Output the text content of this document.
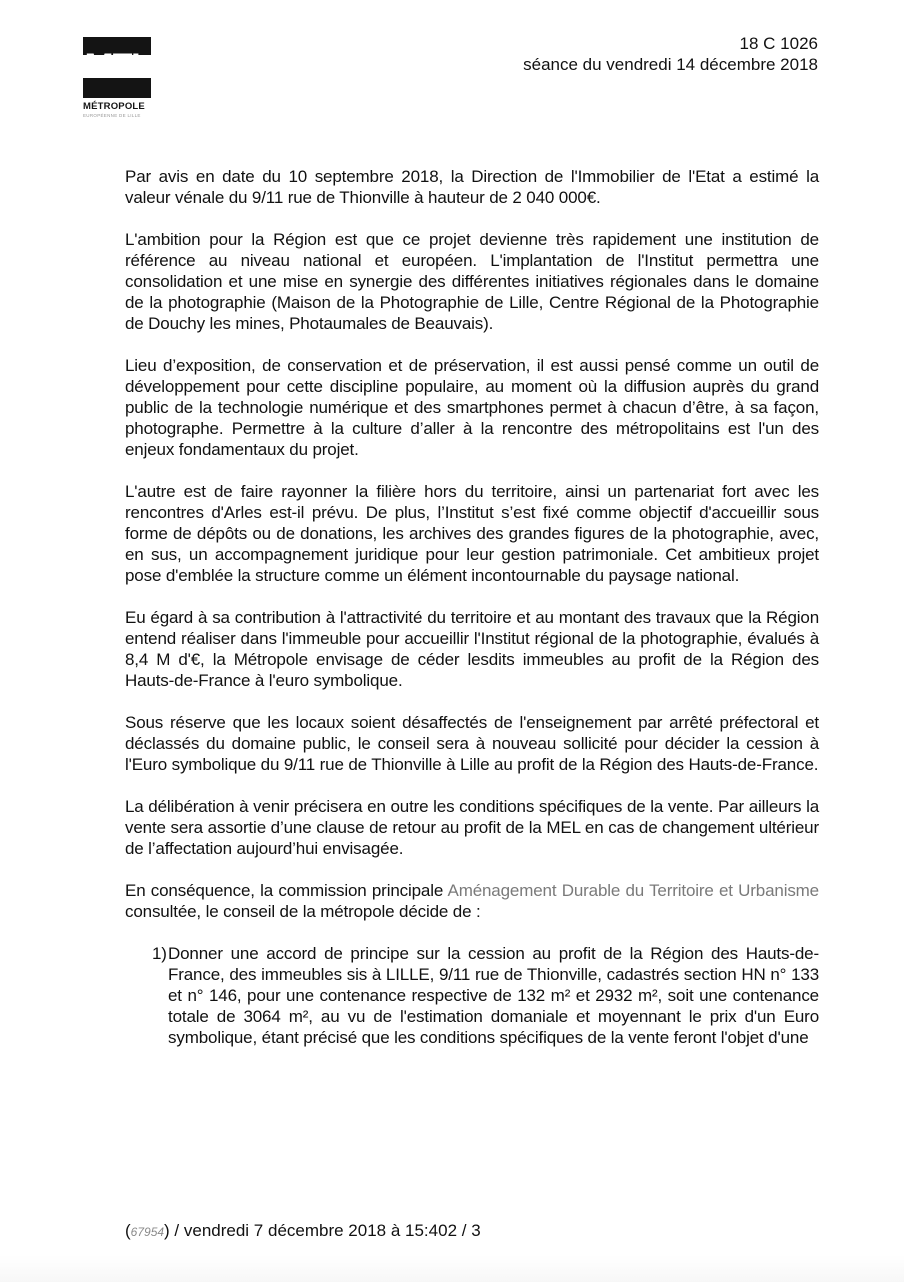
MEL
MÉTROPOLE
EUROPÉENNE DE LILLE
18 C 1026
séance du vendredi 14 décembre 2018

Par avis en date du 10 septembre 2018, la Direction de l'Immobilier de l'Etat a estimé la valeur vénale du 9/11 rue de Thionville à hauteur de 2 040 000€.

L'ambition pour la Région est que ce projet devienne très rapidement une institution de référence au niveau national et européen. L'implantation de l'Institut permettra une consolidation et une mise en synergie des différentes initiatives régionales dans le domaine de la photographie (Maison de la Photographie de Lille, Centre Régional de la Photographie de Douchy les mines, Photaumales de Beauvais).

Lieu d’exposition, de conservation et de préservation, il est aussi pensé comme un outil de développement pour cette discipline populaire, au moment où la diffusion auprès du grand public de la technologie numérique et des smartphones permet à chacun d’être, à sa façon, photographe. Permettre à la culture d’aller à la rencontre des métropolitains est l'un des enjeux fondamentaux du projet.

L'autre est de faire rayonner la filière hors du territoire, ainsi un partenariat fort avec les rencontres d'Arles est-il prévu. De plus, l’Institut s’est fixé comme objectif d'accueillir sous forme de dépôts ou de donations, les archives des grandes figures de la photographie, avec, en sus, un accompagnement juridique pour leur gestion patrimoniale. Cet ambitieux projet pose d'emblée la structure comme un élément incontournable du paysage national.

Eu égard à sa contribution à l'attractivité du territoire et au montant des travaux que la Région entend réaliser dans l'immeuble pour accueillir l'Institut régional de la photographie, évalués à 8,4 M d'€, la Métropole envisage de céder lesdits immeubles au profit de la Région des Hauts-de-France à l'euro symbolique.

Sous réserve que les locaux soient désaffectés de l'enseignement par arrêté préfectoral et déclassés du domaine public, le conseil sera à nouveau sollicité pour décider la cession à l'Euro symbolique du 9/11 rue de Thionville à Lille au profit de la Région des Hauts-de-France.

La délibération à venir précisera en outre les conditions spécifiques de la vente. Par ailleurs la vente sera assortie d’une clause de retour au profit de la MEL en cas de changement ultérieur de l’affectation aujourd’hui envisagée.

En conséquence, la commission principale Aménagement Durable du Territoire et Urbanisme consultée, le conseil de la métropole décide de :

1) Donner une accord de principe sur la cession au profit de la Région des Hauts-de-France, des immeubles sis à LILLE, 9/11 rue de Thionville, cadastrés section HN n° 133 et n° 146, pour une contenance respective de 132 m² et 2932 m², soit une contenance totale de 3064 m², au vu de l'estimation domaniale et moyennant le prix d'un Euro symbolique, étant précisé que les conditions spécifiques de la vente feront l'objet d'une
(67954) / vendredi 7 décembre 2018 à 15:402 / 3
